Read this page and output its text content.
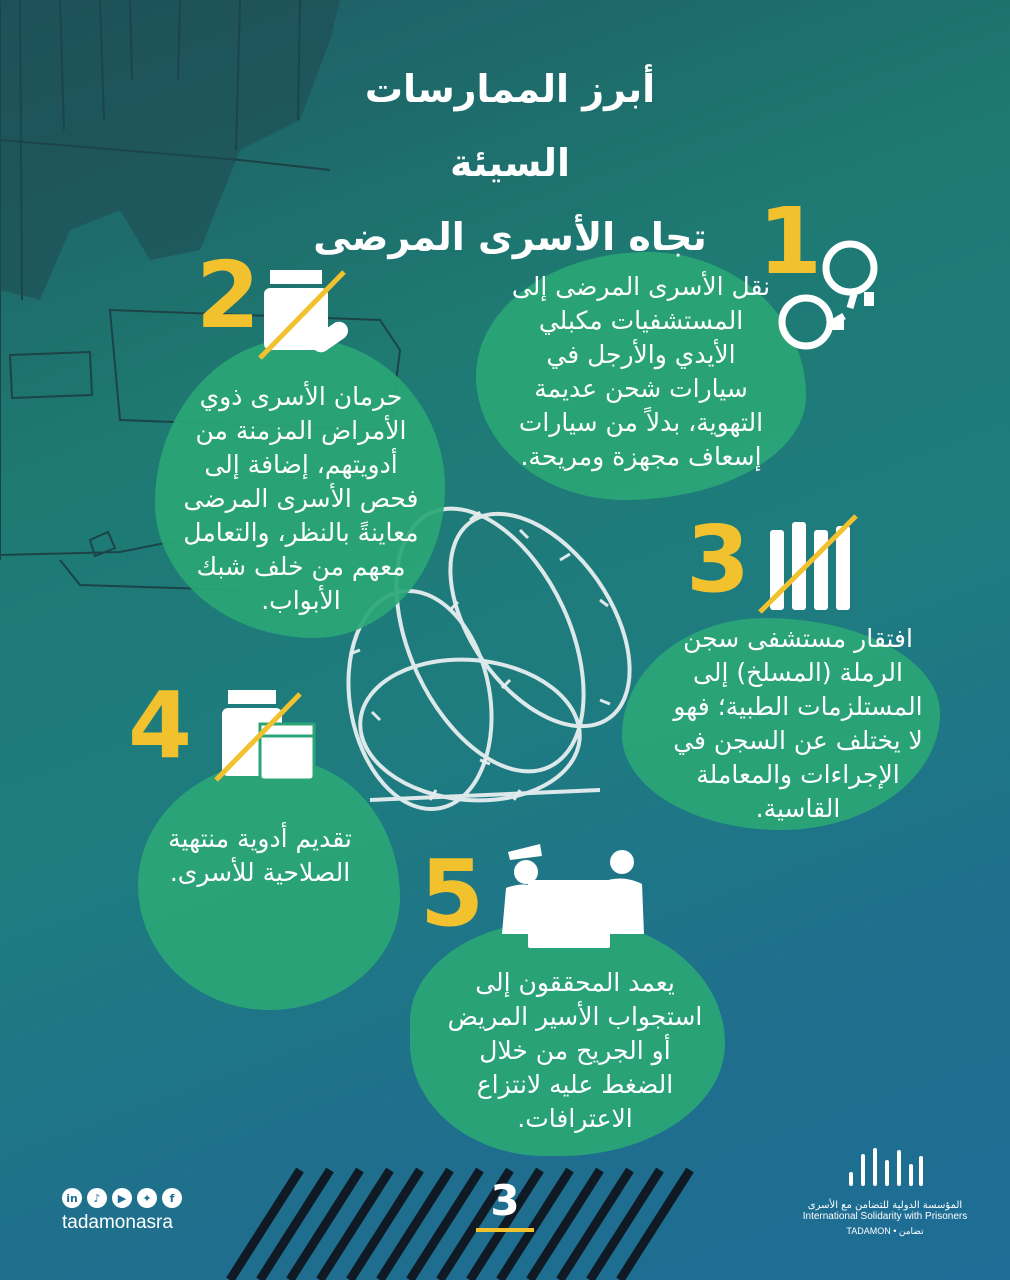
أبرز الممارسات السيئة
تجاه الأسرى المرضى 1
نقل الأسرى المرضى إلى المستشفيات مكبلي الأيدي والأرجل في سيارات شحن عديمة التهوية، بدلاً من سيارات إسعاف مجهزة ومريحة.
2
حرمان الأسرى ذوي الأمراض المزمنة من أدويتهم، إضافة إلى فحص الأسرى المرضى معاينةً بالنظر، والتعامل معهم من خلف شبك الأبواب.	3
افتقار مستشفى سجن الرملة (المسلخ) إلى المستلزمات الطبية؛ فهو لا يختلف عن السجن في الإجراءات والمعاملة القاسية.
4
تقديم أدوية منتهية الصلاحية للأسرى. 5
يعمد المحققون إلى استجواب الأسير المريض أو الجريح من خلال الضغط عليه لانتزاع الاعترافات.
in	♪	▶	✦	f
tadamonasra	3	المؤسسة الدولية للتضامن مع الأسرى
International Solidarity with Prisoners
TADAMON • تضامن
